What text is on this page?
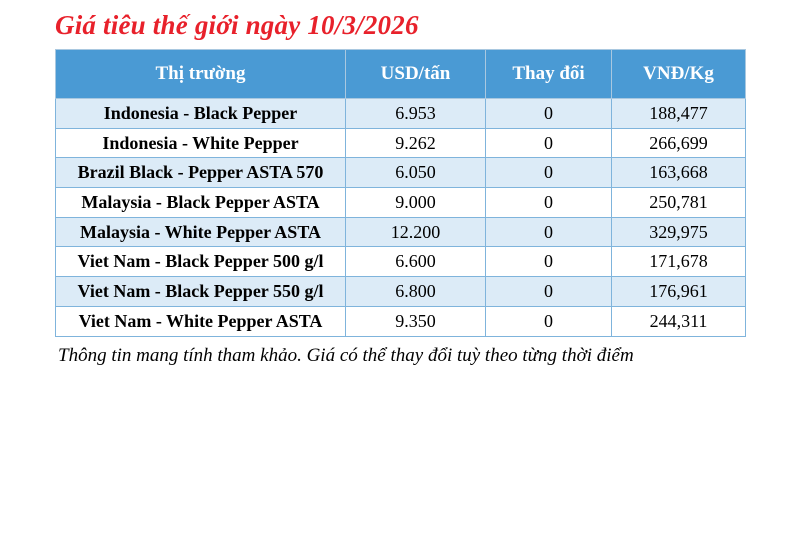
Giá tiêu thế giới ngày 10/3/2026
Thị trường	USD/tấn	Thay đổi	VNĐ/Kg
Indonesia - Black Pepper	6.953	0	188,477
Indonesia - White Pepper	9.262	0	266,699
Brazil Black - Pepper ASTA 570	6.050	0	163,668
Malaysia - Black Pepper ASTA	9.000	0	250,781
Malaysia - White Pepper ASTA	12.200	0	329,975
Viet Nam - Black Pepper 500 g/l	6.600	0	171,678
Viet Nam - Black Pepper 550 g/l	6.800	0	176,961
Viet Nam - White Pepper ASTA	9.350	0	244,311
Thông tin mang tính tham khảo. Giá có thể thay đổi tuỳ theo từng thời điểm
